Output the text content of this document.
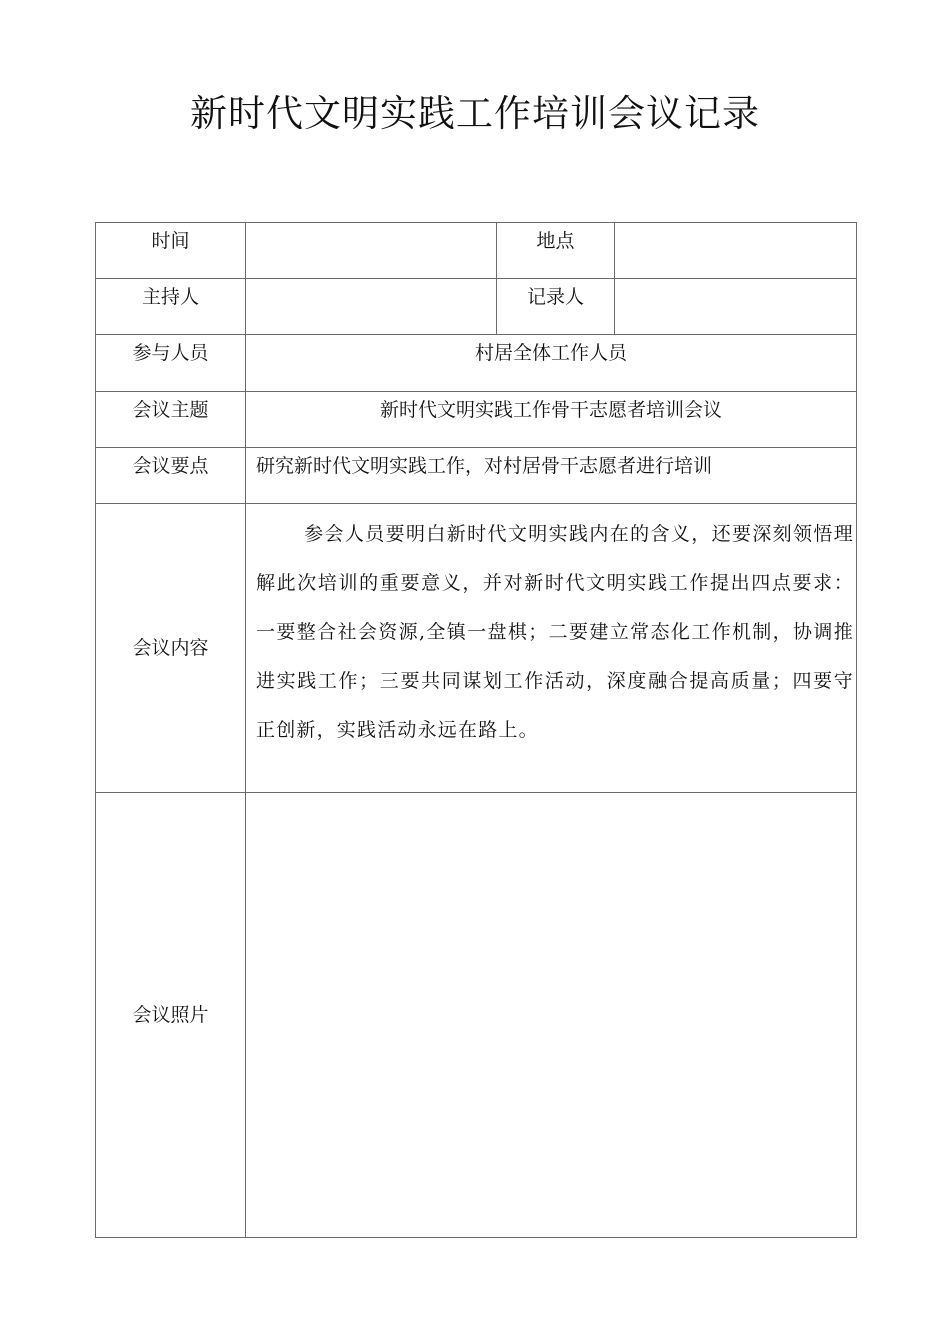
新时代文明实践工作培训会议记录
时间		地点	
主持人		记录人	
参与人员	村居全体工作人员		
会议主题	新时代文明实践工作骨干志愿者培训会议		
会议要点	研究新时代文明实践工作，对村居骨干志愿者进行培训		
会议内容	参会人员要明白新时代文明实践内在的含义，还要深刻领悟理解此次培训的重要意义，并对新时代文明实践工作提出四点要求：一要整合社会资源,全镇一盘棋；二要建立常态化工作机制，协调推进实践工作；三要共同谋划工作活动，深度融合提高质量；四要守正创新，实践活动永远在路上。		
会议照片			
